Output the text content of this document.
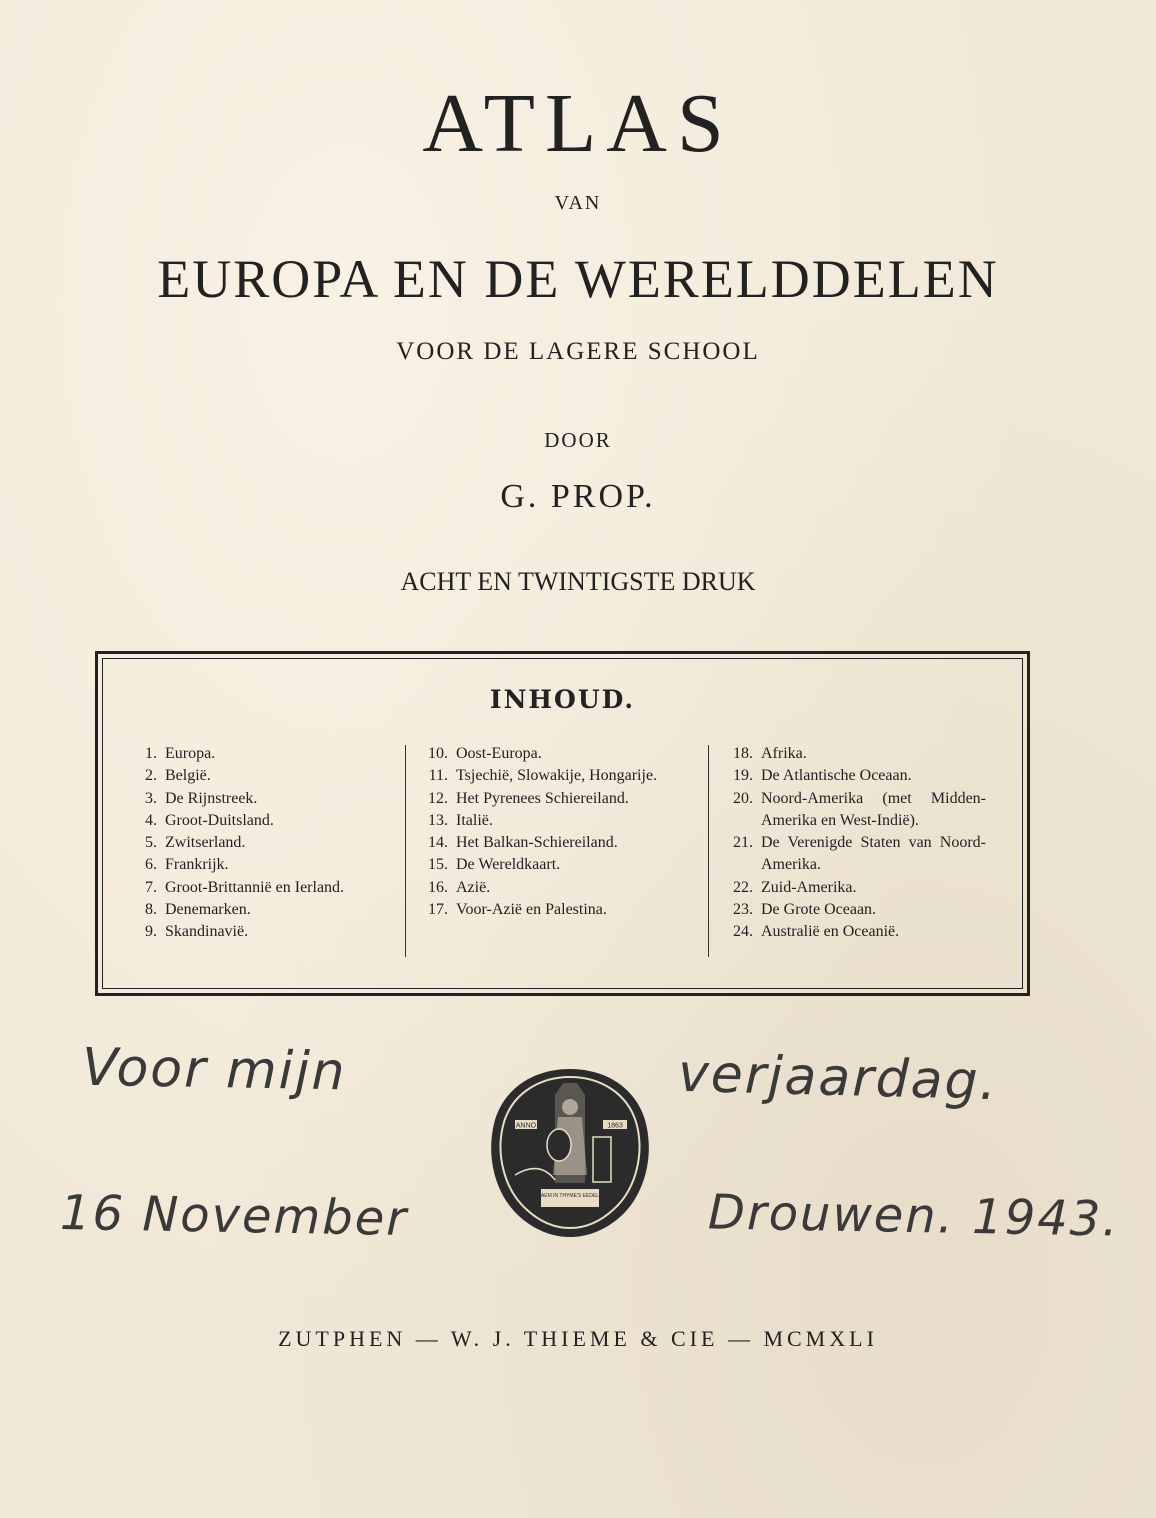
ATLAS
VAN
EUROPA EN DE WERELDDELEN
VOOR DE LAGERE SCHOOL
DOOR
G. PROP.
ACHT EN TWINTIGSTE DRUK
INHOUD.
1. Europa.
2. België.
3. De Rijnstreek.
4. Groot-Duitsland.
5. Zwitserland.
6. Frankrijk.
7. Groot-Brittannië en Ierland.
8. Denemarken.
9. Skandinavië.
10. Oost-Europa.
11. Tsjechië, Slowakije, Hongarije.
12. Het Pyrenees Schiereiland.
13. Italië.
14. Het Balkan-Schiereiland.
15. De Wereldkaart.
16. Azië.
17. Voor-Azië en Palestina.
18. Afrika.
19. De Atlantische Oceaan.
20. Noord-Amerika (met Midden-Amerika en West-Indië).
21. De Verenigde Staten van Noord-Amerika.
22. Zuid-Amerika.
23. De Grote Oceaan.
24. Australië en Oceanië.
Voor mijn	verjaardag.
16 November	Drouwen. 1943.
ANNO	1863
WERKSAEM IN THYME'S EEDEL CRUYT
ZUTPHEN — W. J. THIEME & CIE — MCMXLI
